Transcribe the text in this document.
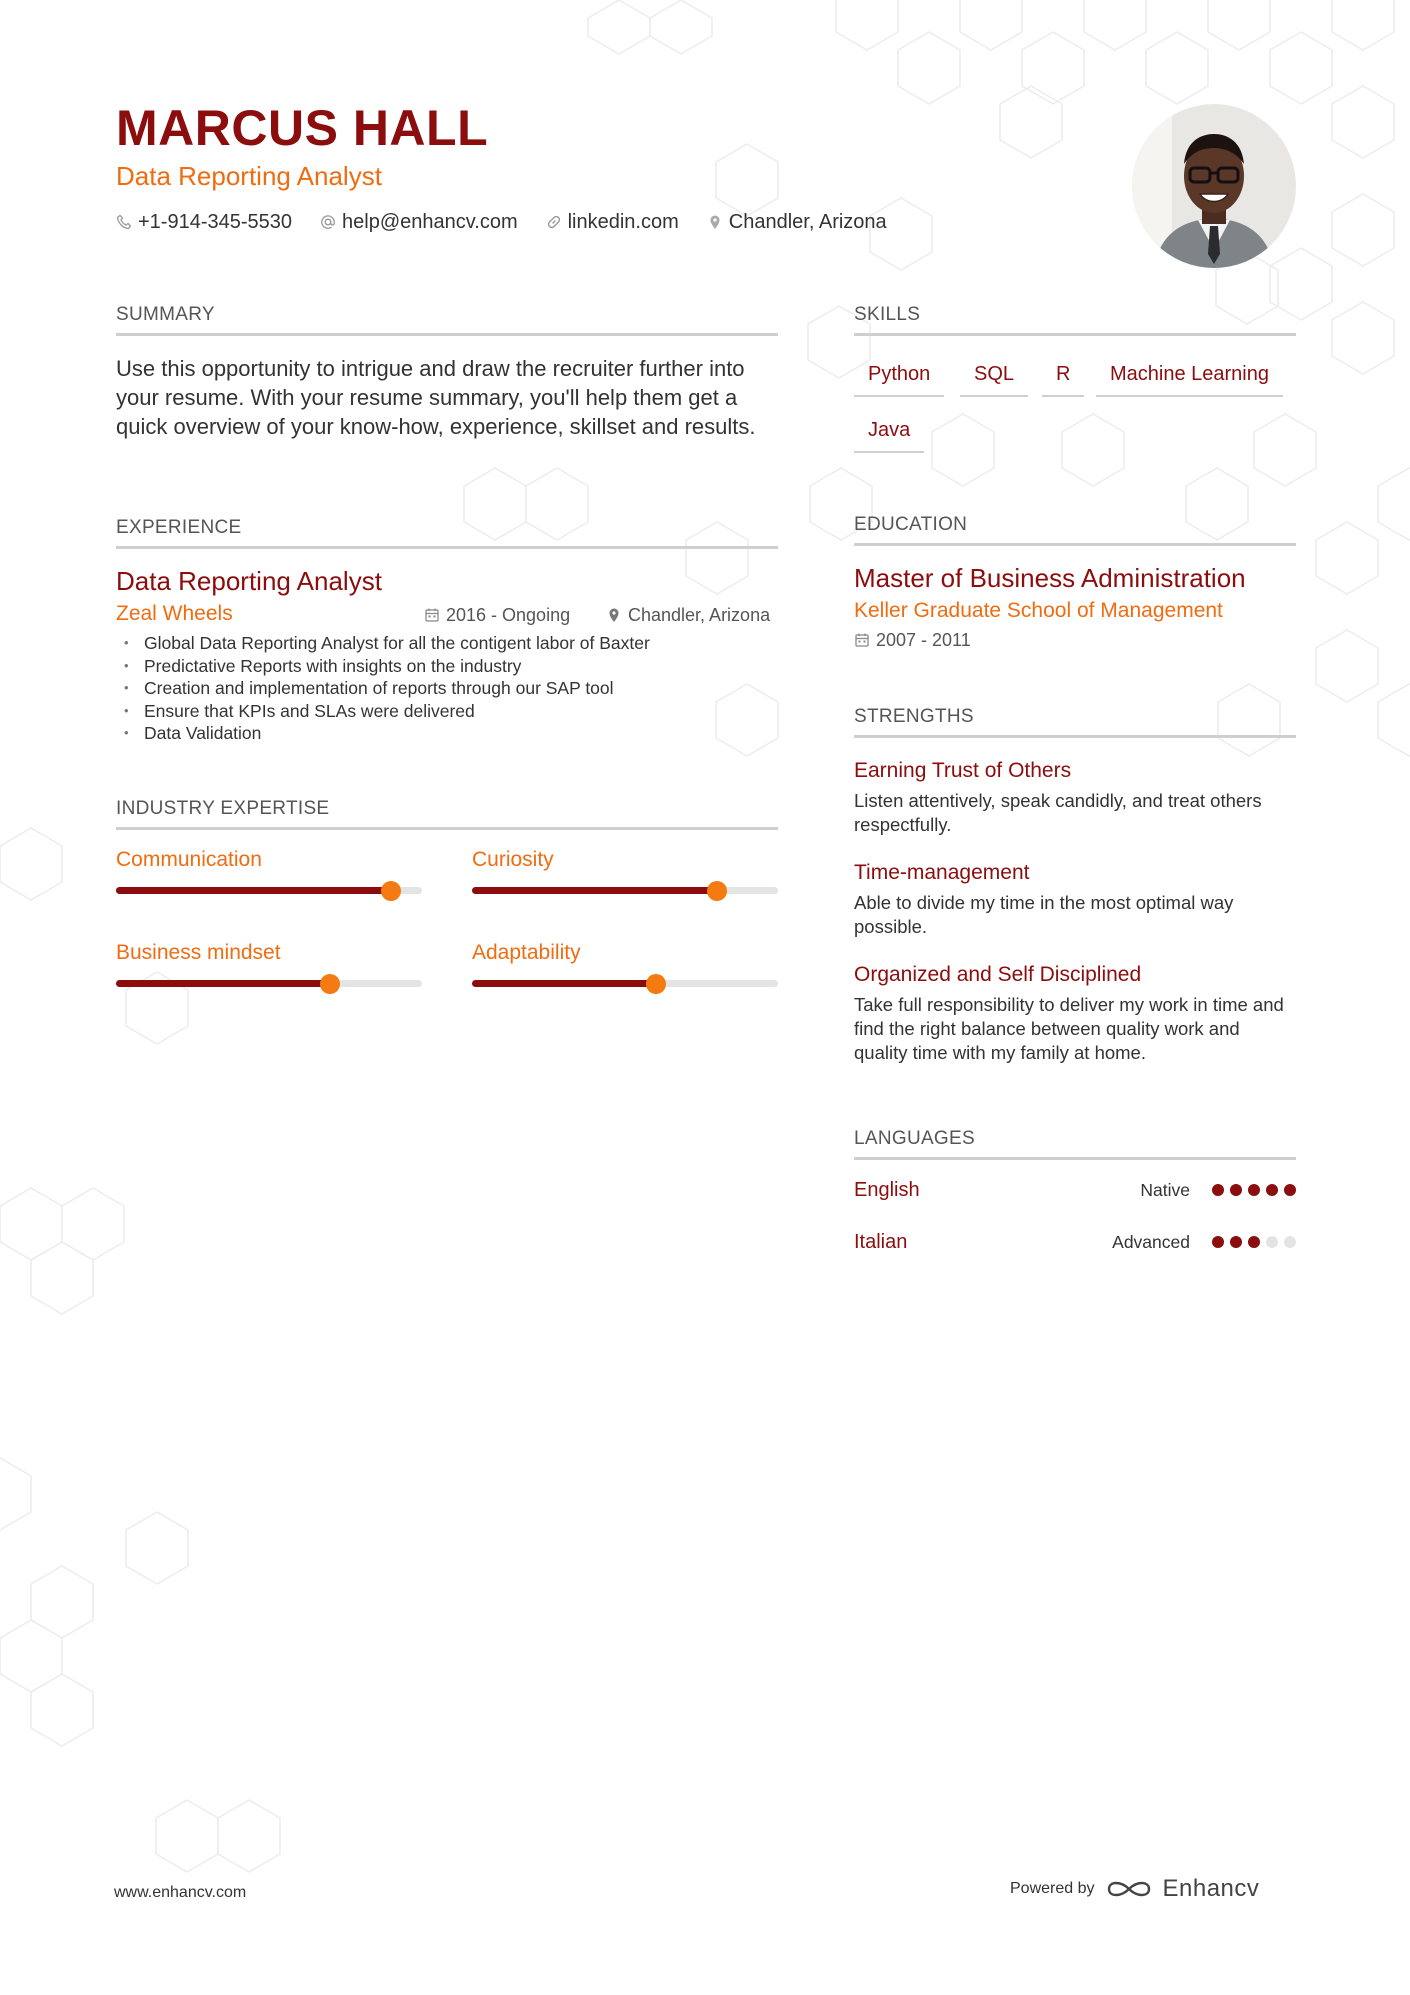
MARCUS HALL
Data Reporting Analyst
+1-914-345-5530	help@enhancv.com	linkedin.com	Chandler, Arizona
SUMMARY
Use this opportunity to intrigue and draw the recruiter further into your resume. With your resume summary, you'll help them get a quick overview of your know-how, experience, skillset and results.
EXPERIENCE
Data Reporting Analyst
Zeal Wheels	2016 - Ongoing	Chandler, Arizona
• Global Data Reporting Analyst for all the contigent labor of Baxter
• Predictative Reports with insights on the industry
• Creation and implementation of reports through our SAP tool
• Ensure that KPIs and SLAs were delivered
• Data Validation
INDUSTRY EXPERTISE
Communication	Curiosity
Business mindset	Adaptability
SKILLS
Python	SQL	R	Machine Learning
Java
EDUCATION
Master of Business Administration
Keller Graduate School of Management
2007 - 2011
STRENGTHS
Earning Trust of Others
Listen attentively, speak candidly, and treat others respectfully.
Time-management
Able to divide my time in the most optimal way possible.
Organized and Self Disciplined
Take full responsibility to deliver my work in time and find the right balance between quality work and quality time with my family at home.
LANGUAGES
English	Native
Italian	Advanced
www.enhancv.com	Powered by	Enhancv
